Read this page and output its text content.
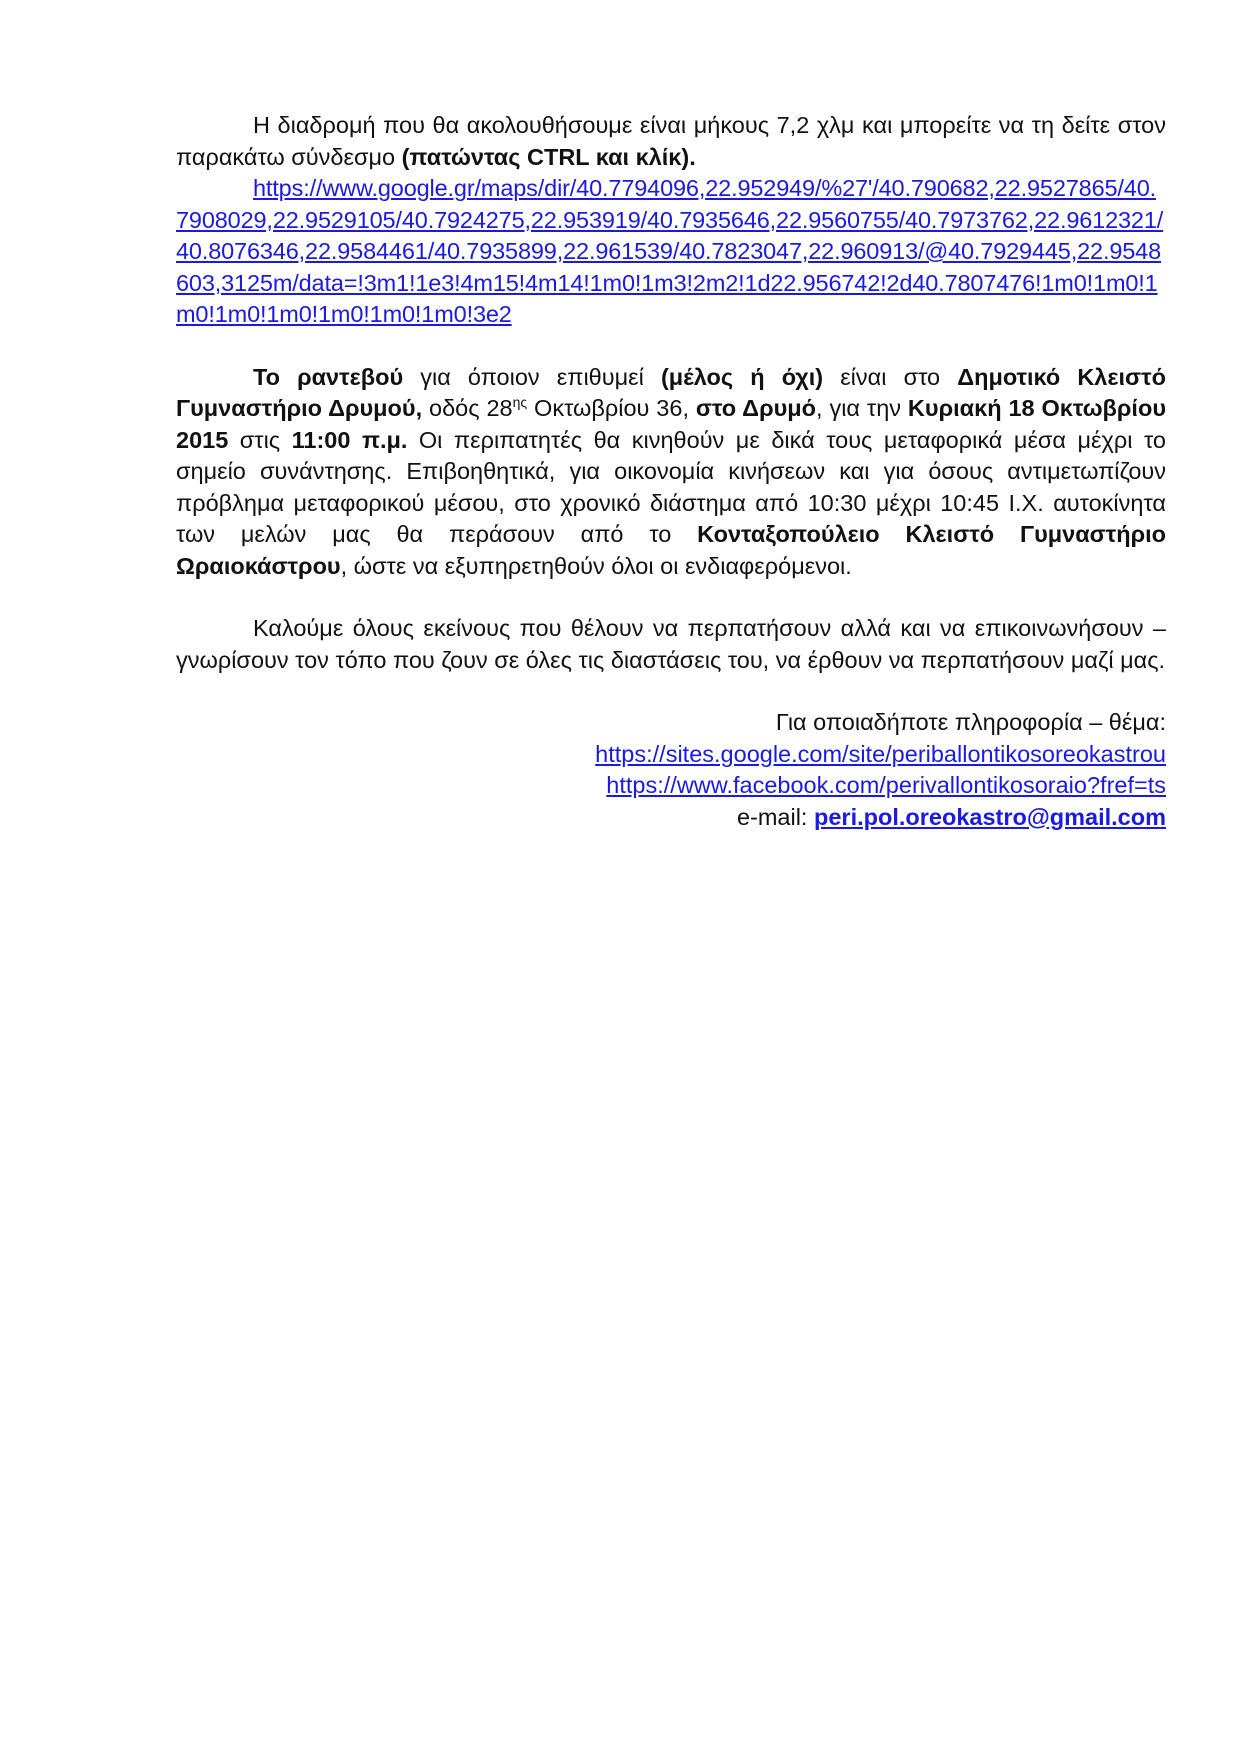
Η διαδρομή που θα ακολουθήσουμε είναι μήκους 7,2 χλμ και μπορείτε να τη δείτε στον παρακάτω σύνδεσμο (πατώντας CTRL και κλίκ).

https://www.google.gr/maps/dir/40.7794096,22.952949/%27'/40.790682,22.9527865/40.7908029,22.9529105/40.7924275,22.953919/40.7935646,22.9560755/40.7973762,22.9612321/40.8076346,22.9584461/40.7935899,22.961539/40.7823047,22.960913/@40.7929445,22.9548603,3125m/data=!3m1!1e3!4m15!4m14!1m0!1m3!2m2!1d22.956742!2d40.7807476!1m0!1m0!1m0!1m0!1m0!1m0!1m0!1m0!3e2

Το ραντεβού για όποιον επιθυμεί (μέλος ή όχι) είναι στο Δημοτικό Κλειστό Γυμναστήριο Δρυμού, οδός $28^{\eta\varsigma}$ Οκτωβρίου 36, στο Δρυμό, για την Κυριακή 18 Οκτωβρίου 2015 στις 11:00 π.μ. Οι περιπατητές θα κινηθούν με δικά τους μεταφορικά μέσα μέχρι το σημείο συνάντησης. Επιβοηθητικά, για οικονομία κινήσεων και για όσους αντιμετωπίζουν πρόβλημα μεταφορικού μέσου, στο χρονικό διάστημα από 10:30 μέχρι 10:45 Ι.Χ. αυτοκίνητα των μελών μας θα περάσουν από το Κονταξοπούλειο Κλειστό Γυμναστήριο Ωραιοκάστρου, ώστε να εξυπηρετηθούν όλοι οι ενδιαφερόμενοι.

Καλούμε όλους εκείνους που θέλουν να περπατήσουν αλλά και να επικοινωνήσουν – γνωρίσουν τον τόπο που ζουν σε όλες τις διαστάσεις του, να έρθουν να περπατήσουν μαζί μας.

Για οποιαδήποτε πληροφορία – θέμα:
https://sites.google.com/site/periballontikosoreokastrou
https://www.facebook.com/perivallontikosoraio?fref=ts
e-mail: peri.pol.oreokastro@gmail.com
